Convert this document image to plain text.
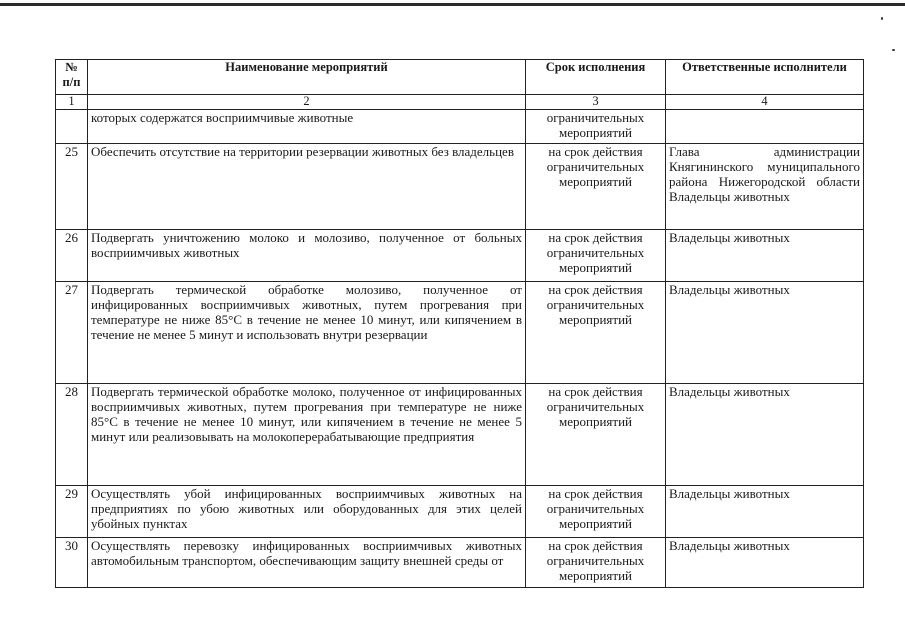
№ п/п	Наименование мероприятий	Срок исполнения	Ответственные исполнители
1	2	3	4
	которых содержатся восприимчивые животные	ограничительных мероприятий	
25	Обеспечить отсутствие на территории резервации животных без владельцев	на срок действия ограничительных мероприятий	Глава администрации Княгининского муниципального района Нижегородской области Владельцы животных
26	Подвергать уничтожению молоко и молозиво, полученное от больных восприимчивых животных	на срок действия ограничительных мероприятий	Владельцы животных
27	Подвергать термической обработке молозиво, полученное от инфицированных восприимчивых животных, путем прогревания при температуре не ниже 85°С в течение не менее 10 минут, или кипячением в течение не менее 5 минут и использовать внутри резервации	на срок действия ограничительных мероприятий	Владельцы животных
28	Подвергать термической обработке молоко, полученное от инфицированных восприимчивых животных, путем прогревания при температуре не ниже 85°С в течение не менее 10 минут, или кипячением в течение не менее 5 минут или реализовывать на молокоперерабатывающие предприятия	на срок действия ограничительных мероприятий	Владельцы животных
29	Осуществлять убой инфицированных восприимчивых животных на предприятиях по убою животных или оборудованных для этих целей убойных пунктах	на срок действия ограничительных мероприятий	Владельцы животных
30	Осуществлять перевозку инфицированных восприимчивых животных автомобильным транспортом, обеспечивающим защиту внешней среды от	на срок действия ограничительных мероприятий	Владельцы животных
